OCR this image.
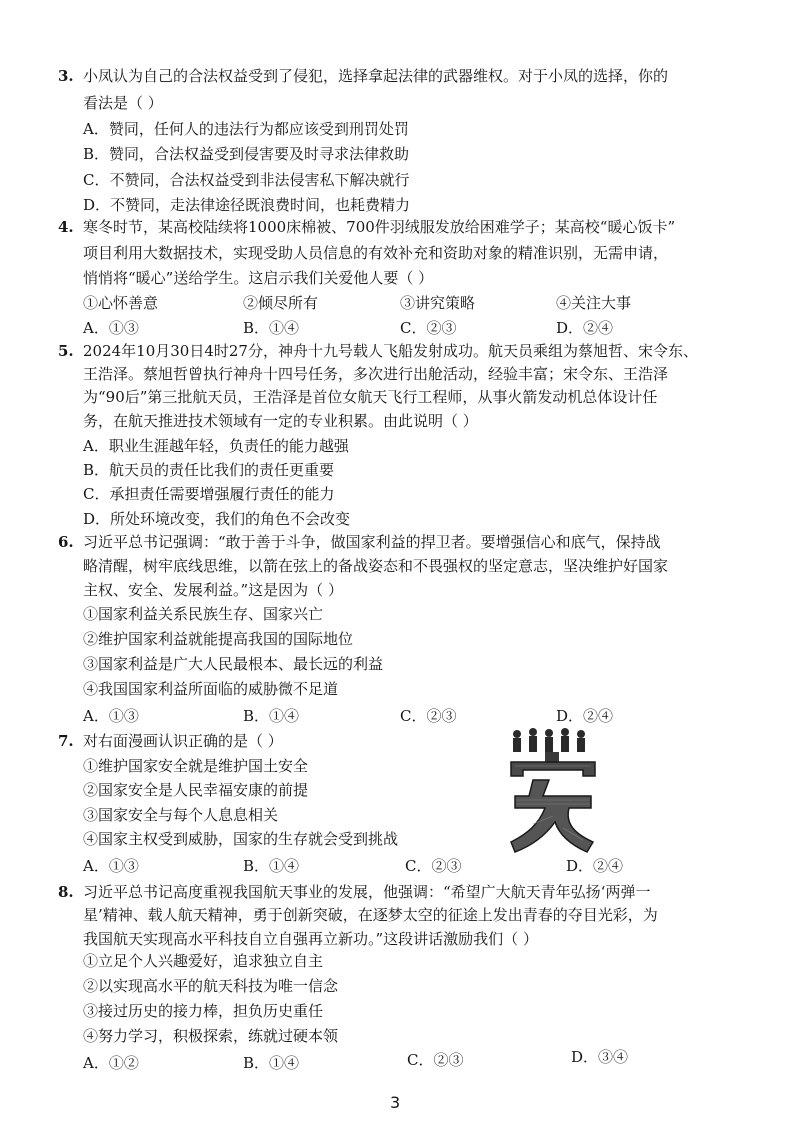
3. 小凤认为自己的合法权益受到了侵犯，选择拿起法律的武器维权。对于小凤的选择，你的
看法是（ ）
A．赞同，任何人的违法行为都应该受到刑罚处罚
B．赞同，合法权益受到侵害要及时寻求法律救助
C．不赞同，合法权益受到非法侵害私下解决就行
D．不赞同，走法律途径既浪费时间，也耗费精力
4. 寒冬时节，某高校陆续将1000床棉被、700件羽绒服发放给困难学子；某高校“暖心饭卡”
项目利用大数据技术，实现受助人员信息的有效补充和资助对象的精准识别，无需申请，
悄悄将“暖心”送给学生。这启示我们关爱他人要（ ）
①心怀善意	②倾尽所有	③讲究策略	④关注大事
A．①③	B．①④	C．②③	D．②④
5. 2024年10月30日4时27分，神舟十九号载人飞船发射成功。航天员乘组为蔡旭哲、宋令东、
王浩泽。蔡旭哲曾执行神舟十四号任务，多次进行出舱活动，经验丰富；宋令东、王浩泽
为“90后”第三批航天员，王浩泽是首位女航天飞行工程师，从事火箭发动机总体设计任
务，在航天推进技术领域有一定的专业积累。由此说明（ ）
A．职业生涯越年轻，负责任的能力越强
B．航天员的责任比我们的责任更重要
C．承担责任需要增强履行责任的能力
D．所处环境改变，我们的角色不会改变
6. 习近平总书记强调：“敢于善于斗争，做国家利益的捍卫者。要增强信心和底气，保持战
略清醒，树牢底线思维，以箭在弦上的备战姿态和不畏强权的坚定意志，坚决维护好国家
主权、安全、发展利益。”这是因为（ ）
①国家利益关系民族生存、国家兴亡
②维护国家利益就能提高我国的国际地位
③国家利益是广大人民最根本、最长远的利益
④我国国家利益所面临的威胁微不足道
A．①③	B．①④	C．②③	D．②④
7. 对右面漫画认识正确的是（ ）
①维护国家安全就是维护国土安全
②国家安全是人民幸福安康的前提
③国家安全与每个人息息相关
④国家主权受到威胁，国家的生存就会受到挑战
A．①③	B．①④	C．②③	D．②④
8. 习近平总书记高度重视我国航天事业的发展，他强调：“希望广大航天青年弘扬‘两弹一
星’精神、载人航天精神，勇于创新突破，在逐梦太空的征途上发出青春的夺目光彩，为
我国航天实现高水平科技自立自强再立新功。”这段讲话激励我们（ ）
①立足个人兴趣爱好，追求独立自主
②以实现高水平的航天科技为唯一信念
③接过历史的接力棒，担负历史重任
④努力学习，积极探索，练就过硬本领
A．①②	B．①④	C．②③	D．③④
3
